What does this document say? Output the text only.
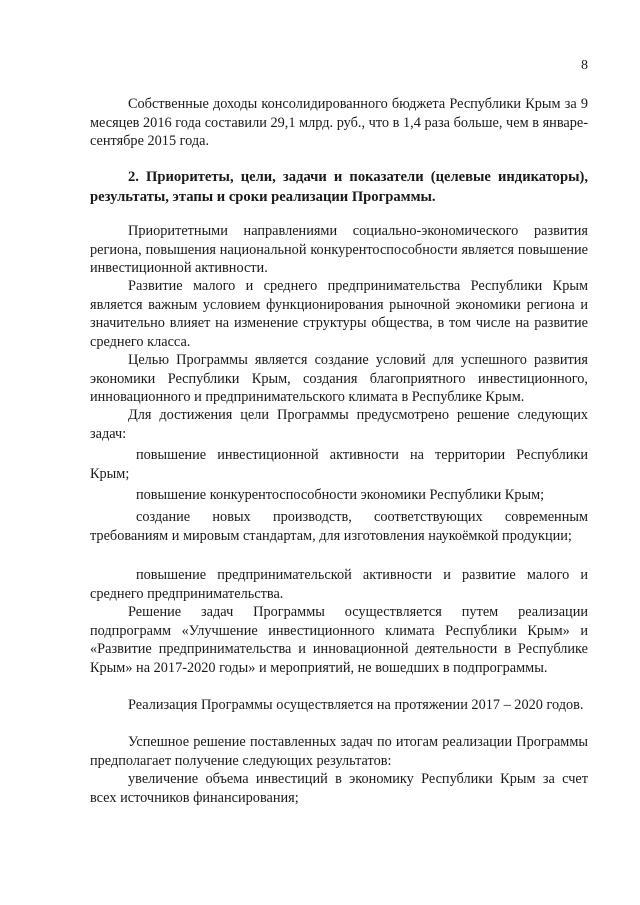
8

Собственные доходы консолидированного бюджета Республики Крым за 9 месяцев 2016 года составили 29,1 млрд. руб., что в 1,4 раза больше, чем в январе-сентябре 2015 года.

2. Приоритеты, цели, задачи и показатели (целевые индикаторы), результаты, этапы и сроки реализации Программы.

Приоритетными направлениями социально-экономического развития региона, повышения национальной конкурентоспособности является повышение инвестиционной активности.

Развитие малого и среднего предпринимательства Республики Крым является важным условием функционирования рыночной экономики региона и значительно влияет на изменение структуры общества, в том числе на развитие среднего класса.

Целью Программы является создание условий для успешного развития экономики Республики Крым, создания благоприятного инвестиционного, инновационного и предпринимательского климата в Республике Крым.

Для достижения цели Программы предусмотрено решение следующих задач:

повышение инвестиционной активности на территории Республики Крым;

повышение конкурентоспособности экономики Республики Крым;

создание новых производств, соответствующих современным требованиям и мировым стандартам, для изготовления наукоёмкой продукции;

повышение предпринимательской активности и развитие малого и среднего предпринимательства.

Решение задач Программы осуществляется путем реализации подпрограмм «Улучшение инвестиционного климата Республики Крым» и «Развитие предпринимательства и инновационной деятельности в Республике Крым» на 2017-2020 годы» и мероприятий, не вошедших в подпрограммы.

Реализация Программы осуществляется на протяжении 2017 – 2020 годов.

Успешное решение поставленных задач по итогам реализации Программы предполагает получение следующих результатов:

увеличение объема инвестиций в экономику Республики Крым за счет всех источников финансирования;
